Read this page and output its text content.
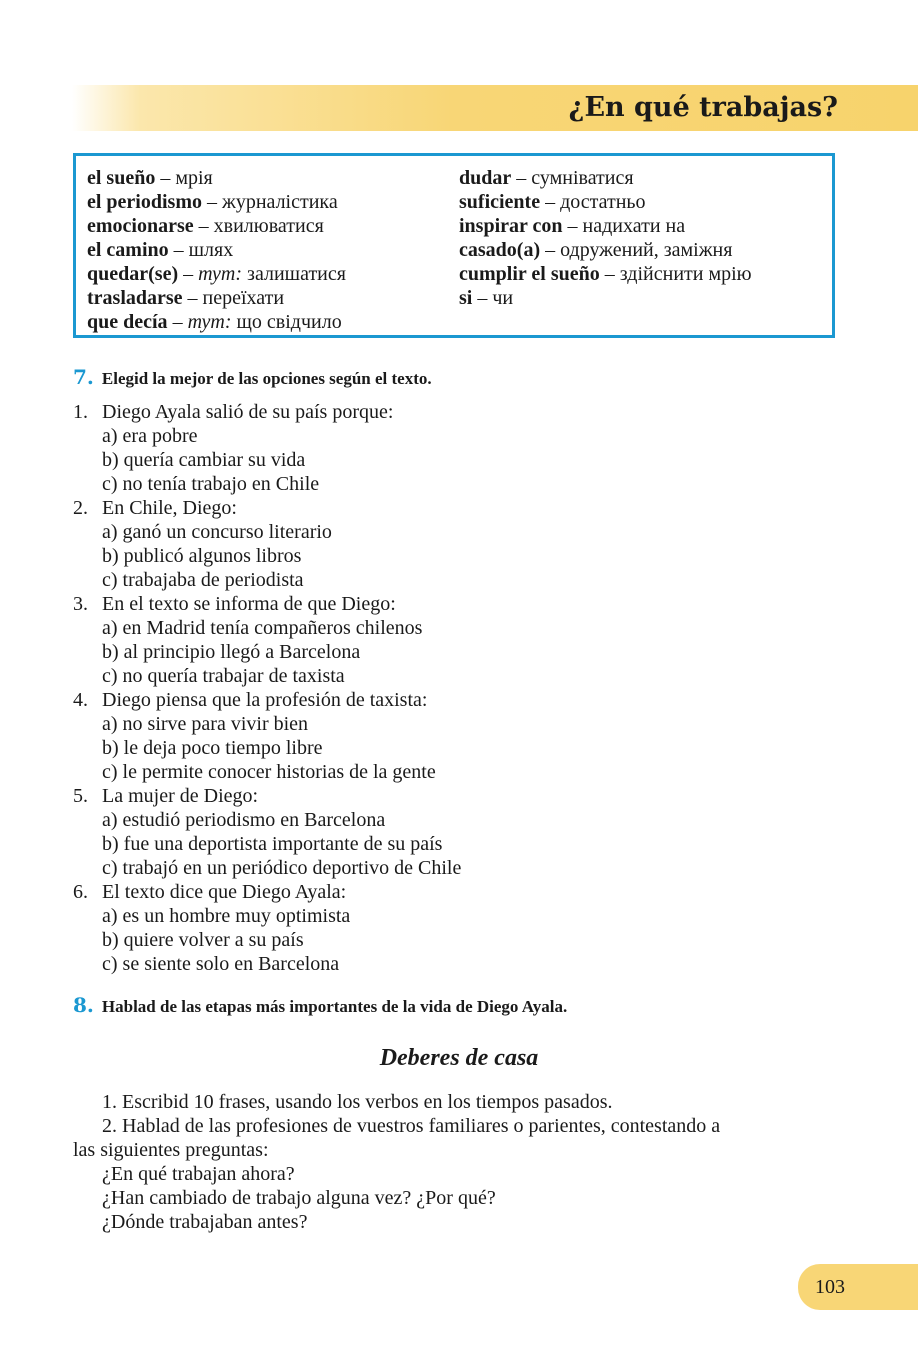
¿En qué trabajas?
el sueño – мрія
el periodismo – журналістика
emocionarse – хвилюватися
el camino – шлях
quedar(se) – тут: залишатися
trasladarse – переїхати
que decía – тут: що свідчило
dudar – сумніватися
suficiente – достатньо
inspirar con – надихати на
casado(a) – одружений, заміжня
cumplir el sueño – здійснити мрію
si – чи
7. Elegid la mejor de las opciones según el texto.
1. Diego Ayala salió de su país porque:
a) era pobre
b) quería cambiar su vida
c) no tenía trabajo en Chile
2. En Chile, Diego:
a) ganó un concurso literario
b) publicó algunos libros
c) trabajaba de periodista
3. En el texto se informa de que Diego:
a) en Madrid tenía compañeros chilenos
b) al principio llegó a Barcelona
c) no quería trabajar de taxista
4. Diego piensa que la profesión de taxista:
a) no sirve para vivir bien
b) le deja poco tiempo libre
c) le permite conocer historias de la gente
5. La mujer de Diego:
a) estudió periodismo en Barcelona
b) fue una deportista importante de su país
c) trabajó en un periódico deportivo de Chile
6. El texto dice que Diego Ayala:
a) es un hombre muy optimista
b) quiere volver a su país
c) se siente solo en Barcelona
8. Hablad de las etapas más importantes de la vida de Diego Ayala.
Deberes de casa
1. Escribid 10 frases, usando los verbos en los tiempos pasados.
2. Hablad de las profesiones de vuestros familiares o parientes, contestando a
las siguientes preguntas:
¿En qué trabajan ahora?
¿Han cambiado de trabajo alguna vez? ¿Por qué?
¿Dónde trabajaban antes?
103
